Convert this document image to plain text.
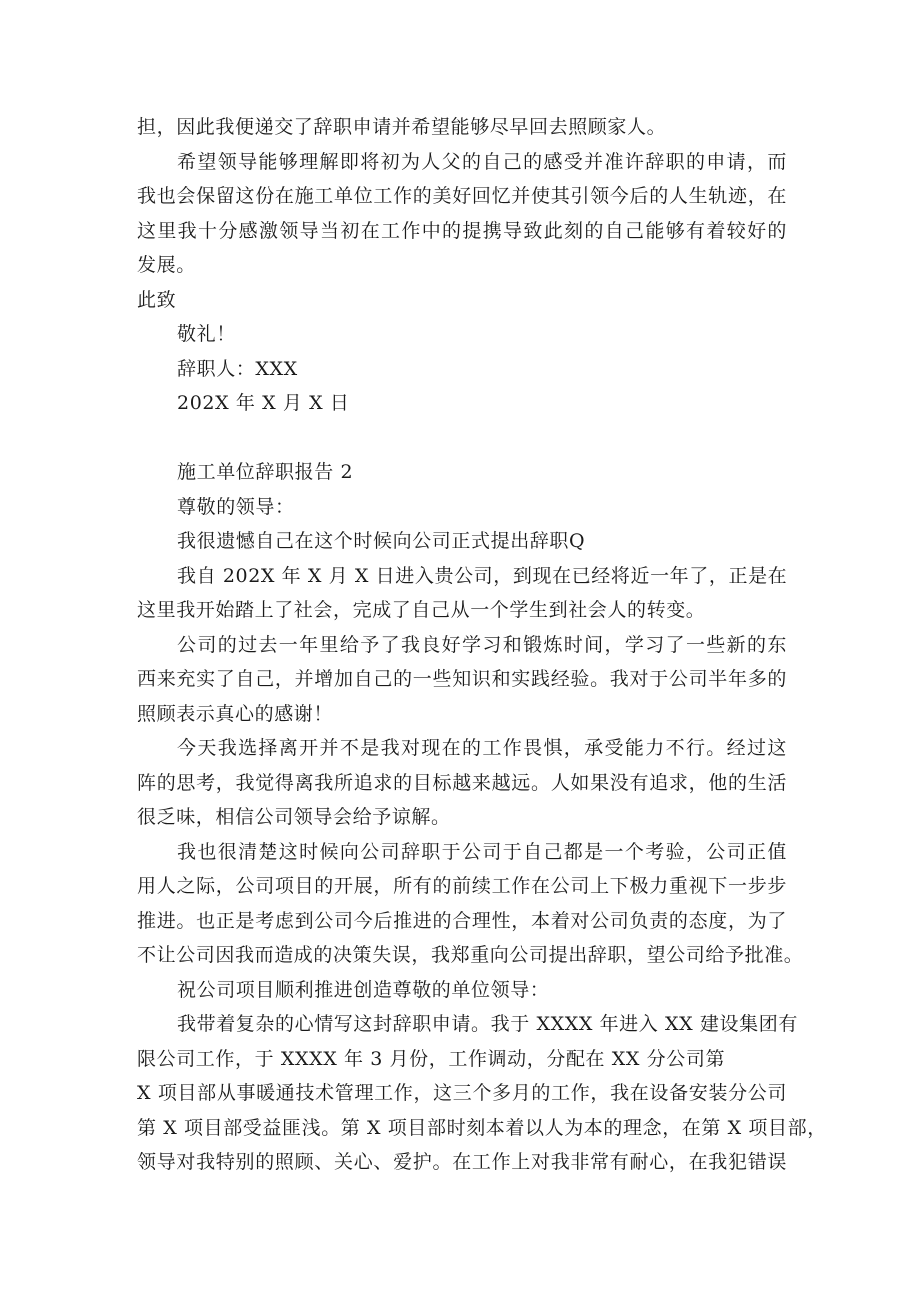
担，因此我便递交了辞职申请并希望能够尽早回去照顾家人。
希望领导能够理解即将初为人父的自己的感受并准许辞职的申请，而
我也会保留这份在施工单位工作的美好回忆并使其引领今后的人生轨迹，在
这里我十分感激领导当初在工作中的提携导致此刻的自己能够有着较好的
发展。
此致
敬礼！
辞职人：XXX
202X 年 X 月 X 日
施工单位辞职报告 2
尊敬的领导：
我很遗憾自己在这个时候向公司正式提出辞职Q
我自 202X 年 X 月 X 日进入贵公司，到现在已经将近一年了，正是在
这里我开始踏上了社会，完成了自己从一个学生到社会人的转变。
公司的过去一年里给予了我良好学习和锻炼时间，学习了一些新的东
西来充实了自己，并增加自己的一些知识和实践经验。我对于公司半年多的
照顾表示真心的感谢！
今天我选择离开并不是我对现在的工作畏惧，承受能力不行。经过这
阵的思考，我觉得离我所追求的目标越来越远。人如果没有追求，他的生活
很乏味，相信公司领导会给予谅解。
我也很清楚这时候向公司辞职于公司于自己都是一个考验，公司正值
用人之际，公司项目的开展，所有的前续工作在公司上下极力重视下一步步
推进。也正是考虑到公司今后推进的合理性，本着对公司负责的态度，为了
不让公司因我而造成的决策失误，我郑重向公司提出辞职，望公司给予批准。
祝公司项目顺利推进创造尊敬的单位领导：
我带着复杂的心情写这封辞职申请。我于 XXXX 年进入 XX 建设集团有
限公司工作，于 XXXX 年 3 月份，工作调动，分配在 XX 分公司第
X 项目部从事暖通技术管理工作，这三个多月的工作，我在设备安装分公司
第 X 项目部受益匪浅。第 X 项目部时刻本着以人为本的理念，在第 X 项目部，
领导对我特别的照顾、关心、爱护。在工作上对我非常有耐心，在我犯错误
